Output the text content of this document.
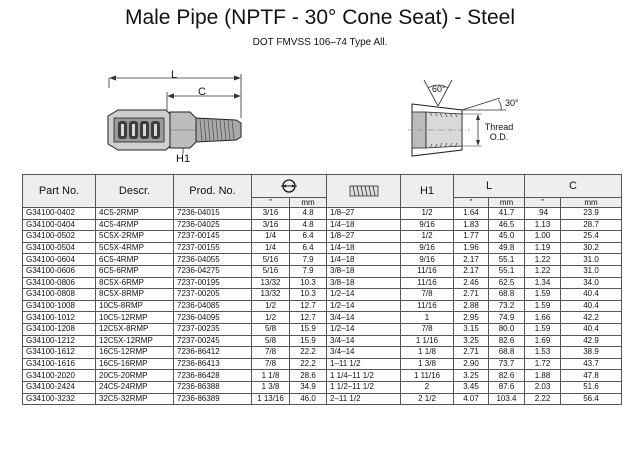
Male Pipe (NPTF - 30° Cone Seat) - Steel
DOT FMVSS 106–74 Type All.
L
C
H1
60°
30°
Thread O.D.
Part No.	Descr.	Prod. No.				H1	L		C	
			"	mm			"	mm	"	mm
G34100-0402	4C5-2RMP	7236-04015	3/16	4.8	1/8–27	1/2	1.64	41.7	.94	23.9
G34100-0404	4C5-4RMP	7236-04025	3/16	4.8	1/4–18	9/16	1.83	46.5	1.13	28.7
G34100-0502	5C5X-2RMP	7237-00145	1/4	6.4	1/8–27	1/2	1.77	45.0	1.00	25.4
G34100-0504	5C5X-4RMP	7237-00155	1/4	6.4	1/4–18	9/16	1.96	49.8	1.19	30.2
G34100-0604	6C5-4RMP	7236-04055	5/16	7.9	1/4–18	9/16	2.17	55.1	1.22	31.0
G34100-0606	6C5-6RMP	7236-04275	5/16	7.9	3/8–18	11/16	2.17	55.1	1.22	31.0
G34100-0806	8C5X-6RMP	7237-00195	13/32	10.3	3/8–18	11/16	2.46	62.5	1.34	34.0
G34100-0808	8C5X-8RMP	7237-00205	13/32	10.3	1/2–14	7/8	2.71	68.8	1.59	40.4
G34100-1008	10C5-8RMP	7236-04085	1/2	12.7	1/2–14	11/16	2.88	73.2	1.59	40.4
G34100-1012	10C5-12RMP	7236-04095	1/2	12.7	3/4–14	1	2.95	74.9	1.66	42.2
G34100-1208	12C5X-8RMP	7237-00235	5/8	15.9	1/2–14	7/8	3.15	80.0	1.59	40.4
G34100-1212	12C5X-12RMP	7237-00245	5/8	15.9	3/4–14	1 1/16	3.25	82.6	1.69	42.9
G34100-1612	16C5-12RMP	7236-86412	7/8	22.2	3/4–14	1 1/8	2.71	68.8	1.53	38.9
G34100-1616	16C5-16RMP	7236-86413	7/8	22.2	1–11 1/2	1 3/8	2.90	73.7	1.72	43.7
G34100-2020	20C5-20RMP	7236-86428	1 1/8	28.6	1 1/4–11 1/2	1 11/16	3.25	82.6	1.88	47.8
G34100-2424	24C5-24RMP	7236-86388	1 3/8	34.9	1 1/2–11 1/2	2	3.45	87.6	2.03	51.6
G34100-3232	32C5-32RMP	7236-86389	1 13/16	46.0	2–11 1/2	2 1/2	4.07	103.4	2.22	56.4
